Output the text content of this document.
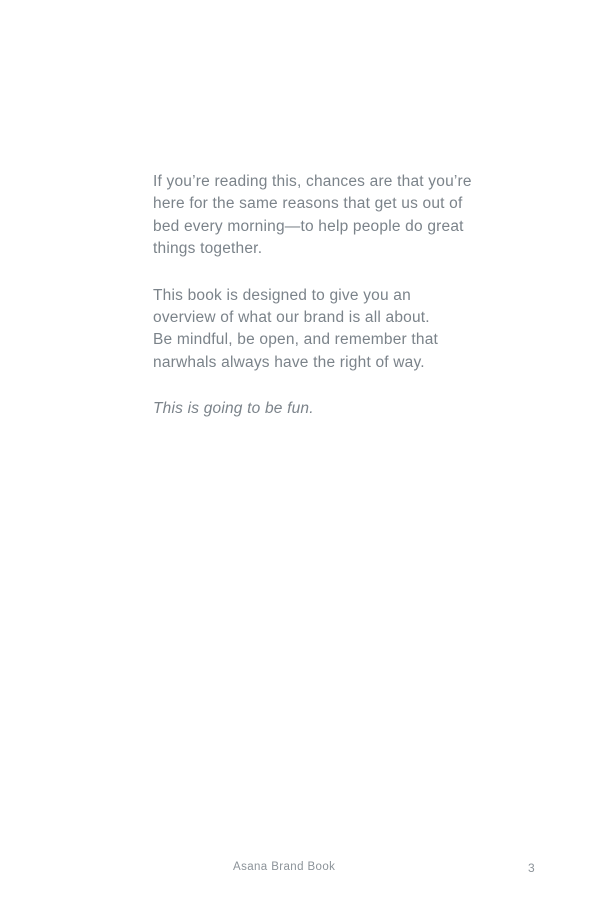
If you’re reading this, chances are that you’re
here for the same reasons that get us out of
bed every morning—to help people do great
things together.
This book is designed to give you an
overview of what our brand is all about.
Be mindful, be open, and remember that
narwhals always have the right of way.
This is going to be fun.
Asana Brand Book	3
